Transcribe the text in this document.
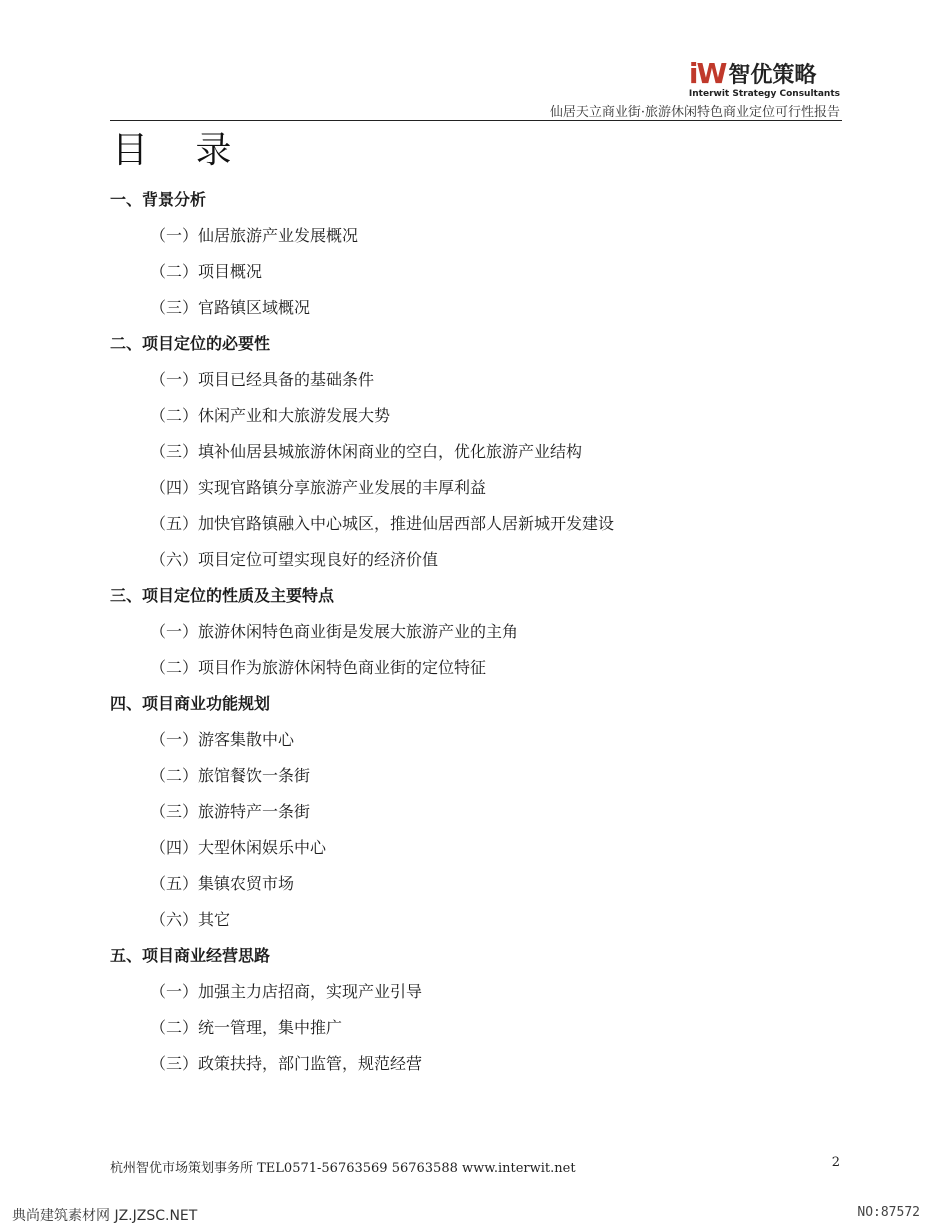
iW 智优策略
Interwit Strategy Consultants
仙居天立商业街·旅游休闲特色商业定位可行性报告
目 录
一、背景分析
（一）仙居旅游产业发展概况
（二）项目概况
（三）官路镇区域概况
二、项目定位的必要性
（一）项目已经具备的基础条件
（二）休闲产业和大旅游发展大势
（三）填补仙居县城旅游休闲商业的空白，优化旅游产业结构
（四）实现官路镇分享旅游产业发展的丰厚利益
（五）加快官路镇融入中心城区，推进仙居西部人居新城开发建设
（六）项目定位可望实现良好的经济价值
三、项目定位的性质及主要特点
（一）旅游休闲特色商业街是发展大旅游产业的主角
（二）项目作为旅游休闲特色商业街的定位特征
四、项目商业功能规划
（一）游客集散中心
（二）旅馆餐饮一条街
（三）旅游特产一条街
（四）大型休闲娱乐中心
（五）集镇农贸市场
（六）其它
五、项目商业经营思路
（一）加强主力店招商，实现产业引导
（二）统一管理，集中推广
（三）政策扶持，部门监管，规范经营
杭州智优市场策划事务所 TEL0571-56763569 56763588 www.interwit.net	2
典尚建筑素材网 JZ.JZSC.NET	NO:87572
